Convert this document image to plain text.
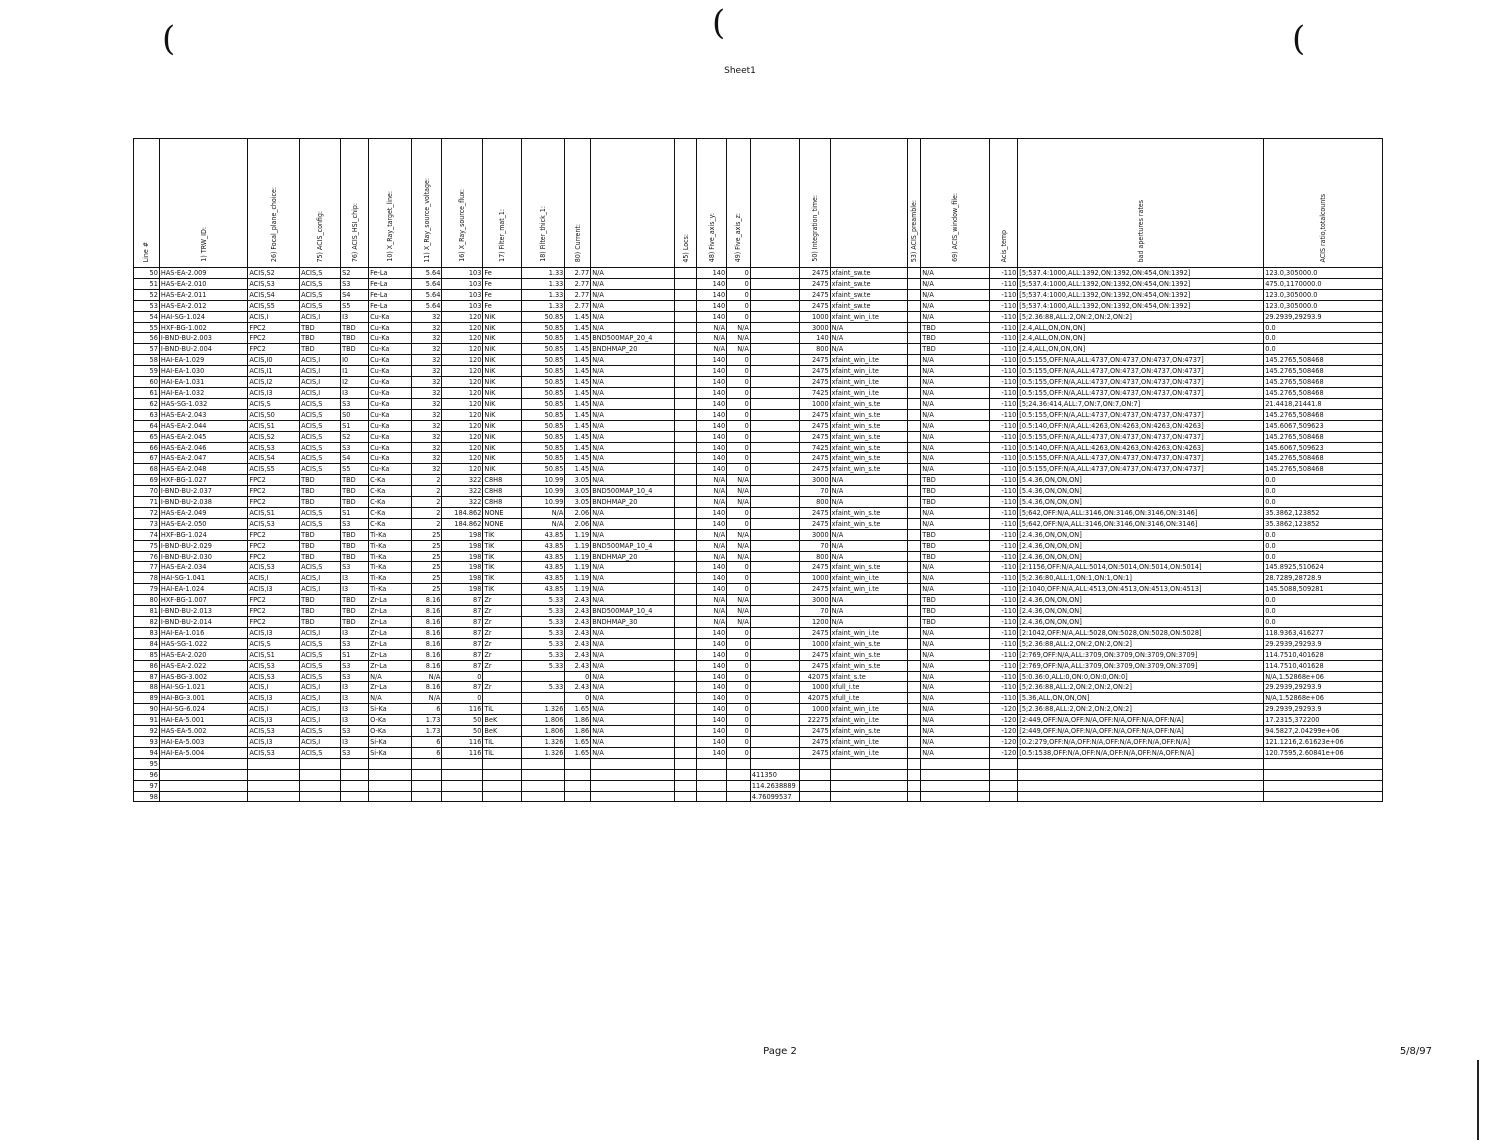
(	(	(
Sheet1
Line #	1) TRW_ID:	26) Focal_plane_choice:	75) ACIS_config:	76) ACIS_HSI_chip:	10) X_Ray_target_line:	11) X_Ray_source_voltage:	16) X_Ray_source_flux:	17) Filter_mat_1:	18) Filter_thick_1:	80) Current:		45) Locs:	48) Five_axis_y:	49) Five_axis_z:		50) Integration_time:		53) ACIS_preamble:	69) ACIS_window_file:	Acis_temp	bad apertures rates	ACIS ratio,totalcounts
50	HAS-EA-2.009	ACIS,S2	ACIS,S	S2	Fe-La	5.64	103	Fe	1.33	2.77	N/A		140	0		2475	xfaint_sw.te		N/A	-110	[5;537.4:1000,ALL:1392,ON:1392,ON:454,ON:1392]	123.0,305000.0
51	HAS-EA-2.010	ACIS,S3	ACIS,S	S3	Fe-La	5.64	103	Fe	1.33	2.77	N/A		140	0		2475	xfaint_sw.te		N/A	-110	[5;537.4:1000,ALL:1392,ON:1392,ON:454,ON:1392]	475.0,1170000.0
52	HAS-EA-2.011	ACIS,S4	ACIS,S	S4	Fe-La	5.64	103	Fe	1.33	2.77	N/A		140	0		2475	xfaint_sw.te		N/A	-110	[5;537.4:1000,ALL:1392,ON:1392,ON:454,ON:1392]	123.0,305000.0
53	HAS-EA-2.012	ACIS,S5	ACIS,S	S5	Fe-La	5.64	103	Fe	1.33	2.77	N/A		140	0		2475	xfaint_sw.te		N/A	-110	[5;537.4:1000,ALL:1392,ON:1392,ON:454,ON:1392]	123.0,305000.0
54	HAI-SG-1.024	ACIS,I	ACIS,I	I3	Cu-Ka	32	120	NiK	50.85	1.45	N/A		140	0		1000	xfaint_win_i.te		N/A	-110	[5;2.36:88,ALL:2,ON:2,ON:2,ON:2]	29.2939,29293.9
55	HXF-BG-1.002	FPC2	TBD	TBD	Cu-Ka	32	120	NiK	50.85	1.45	N/A		N/A	N/A		3000	N/A		TBD	-110	[2.4,ALL,ON,ON,ON]	0.0
56	I-BND-BU-2.003	FPC2	TBD	TBD	Cu-Ka	32	120	NiK	50.85	1.45	BND500MAP_20_4		N/A	N/A		140	N/A		TBD	-110	[2.4,ALL,ON,ON,ON]	0.0
57	I-BND-BU-2.004	FPC2	TBD	TBD	Cu-Ka	32	120	NiK	50.85	1.45	BNDHMAP_20		N/A	N/A		800	N/A		TBD	-110	[2.4,ALL,ON,ON,ON]	0.0
58	HAI-EA-1.029	ACIS,I0	ACIS,I	I0	Cu-Ka	32	120	NiK	50.85	1.45	N/A		140	0		2475	xfaint_win_i.te		N/A	-110	[0.5:155,OFF:N/A,ALL:4737,ON:4737,ON:4737,ON:4737]	145.2765,508468
59	HAI-EA-1.030	ACIS,I1	ACIS,I	I1	Cu-Ka	32	120	NiK	50.85	1.45	N/A		140	0		2475	xfaint_win_i.te		N/A	-110	[0.5:155,OFF:N/A,ALL:4737,ON:4737,ON:4737,ON:4737]	145.2765,508468
60	HAI-EA-1.031	ACIS,I2	ACIS,I	I2	Cu-Ka	32	120	NiK	50.85	1.45	N/A		140	0		2475	xfaint_win_i.te		N/A	-110	[0.5:155,OFF:N/A,ALL:4737,ON:4737,ON:4737,ON:4737]	145.2765,508468
61	HAI-EA-1.032	ACIS,I3	ACIS,I	I3	Cu-Ka	32	120	NiK	50.85	1.45	N/A		140	0		7425	xfaint_win_i.te		N/A	-110	[0.5:155,OFF:N/A,ALL:4737,ON:4737,ON:4737,ON:4737]	145.2765,508468
62	HAS-SG-1.032	ACIS,S	ACIS,S	S3	Cu-Ka	32	120	NiK	50.85	1.45	N/A		140	0		1000	xfaint_win_s.te		N/A	-110	[5;24.36:414,ALL:7,ON:7,ON:7,ON:7]	21.4418,21441.8
63	HAS-EA-2.043	ACIS,S0	ACIS,S	S0	Cu-Ka	32	120	NiK	50.85	1.45	N/A		140	0		2475	xfaint_win_s.te		N/A	-110	[0.5:155,OFF:N/A,ALL:4737,ON:4737,ON:4737,ON:4737]	145.2765,508468
64	HAS-EA-2.044	ACIS,S1	ACIS,S	S1	Cu-Ka	32	120	NiK	50.85	1.45	N/A		140	0		2475	xfaint_win_s.te		N/A	-110	[0.5:140,OFF:N/A,ALL:4263,ON:4263,ON:4263,ON:4263]	145.6067,509623
65	HAS-EA-2.045	ACIS,S2	ACIS,S	S2	Cu-Ka	32	120	NiK	50.85	1.45	N/A		140	0		2475	xfaint_win_s.te		N/A	-110	[0.5:155,OFF:N/A,ALL:4737,ON:4737,ON:4737,ON:4737]	145.2765,508468
66	HAS-EA-2.046	ACIS,S3	ACIS,S	S3	Cu-Ka	32	120	NiK	50.85	1.45	N/A		140	0		7425	xfaint_win_s.te		N/A	-110	[0.5:140,OFF:N/A,ALL:4263,ON:4263,ON:4263,ON:4263]	145.6067,509623
67	HAS-EA-2.047	ACIS,S4	ACIS,S	S4	Cu-Ka	32	120	NiK	50.85	1.45	N/A		140	0		2475	xfaint_win_s.te		N/A	-110	[0.5:155,OFF:N/A,ALL:4737,ON:4737,ON:4737,ON:4737]	145.2765,508468
68	HAS-EA-2.048	ACIS,S5	ACIS,S	S5	Cu-Ka	32	120	NiK	50.85	1.45	N/A		140	0		2475	xfaint_win_s.te		N/A	-110	[0.5:155,OFF:N/A,ALL:4737,ON:4737,ON:4737,ON:4737]	145.2765,508468
69	HXF-BG-1.027	FPC2	TBD	TBD	C-Ka	2	322	C8H8	10.99	3.05	N/A		N/A	N/A		3000	N/A		TBD	-110	[5.4.36,ON,ON,ON]	0.0
70	I-BND-BU-2.037	FPC2	TBD	TBD	C-Ka	2	322	C8H8	10.99	3.05	BND500MAP_10_4		N/A	N/A		70	N/A		TBD	-110	[5.4.36,ON,ON,ON]	0.0
71	I-BND-BU-2.038	FPC2	TBD	TBD	C-Ka	2	322	C8H8	10.99	3.05	BNDHMAP_20		N/A	N/A		800	N/A		TBD	-110	[5.4.36,ON,ON,ON]	0.0
72	HAS-EA-2.049	ACIS,S1	ACIS,S	S1	C-Ka	2	184.862	NONE	N/A	2.06	N/A		140	0		2475	xfaint_win_s.te		N/A	-110	[5;642,OFF:N/A,ALL:3146,ON:3146,ON:3146,ON:3146]	35.3862,123852
73	HAS-EA-2.050	ACIS,S3	ACIS,S	S3	C-Ka	2	184.862	NONE	N/A	2.06	N/A		140	0		2475	xfaint_win_s.te		N/A	-110	[5;642,OFF:N/A,ALL:3146,ON:3146,ON:3146,ON:3146]	35.3862,123852
74	HXF-BG-1.024	FPC2	TBD	TBD	Ti-Ka	25	198	TiK	43.85	1.19	N/A		N/A	N/A		3000	N/A		TBD	-110	[2.4.36,ON,ON,ON]	0.0
75	I-BND-BU-2.029	FPC2	TBD	TBD	Ti-Ka	25	198	TiK	43.85	1.19	BND500MAP_10_4		N/A	N/A		70	N/A		TBD	-110	[2.4.36,ON,ON,ON]	0.0
76	I-BND-BU-2.030	FPC2	TBD	TBD	Ti-Ka	25	198	TiK	43.85	1.19	BNDHMAP_20		N/A	N/A		800	N/A		TBD	-110	[2.4.36,ON,ON,ON]	0.0
77	HAS-EA-2.034	ACIS,S3	ACIS,S	S3	Ti-Ka	25	198	TiK	43.85	1.19	N/A		140	0		2475	xfaint_win_s.te		N/A	-110	[2:1156,OFF:N/A,ALL:5014,ON:5014,ON:5014,ON:5014]	145.8925,510624
78	HAI-SG-1.041	ACIS,I	ACIS,I	I3	Ti-Ka	25	198	TiK	43.85	1.19	N/A		140	0		1000	xfaint_win_i.te		N/A	-110	[5;2.36:80,ALL:1,ON:1,ON:1,ON:1]	28.7289,28728.9
79	HAI-EA-1.024	ACIS,I3	ACIS,I	I3	Ti-Ka	25	198	TiK	43.85	1.19	N/A		140	0		2475	xfaint_win_i.te		N/A	-110	[2:1040,OFF:N/A,ALL:4513,ON:4513,ON:4513,ON:4513]	145.5088,509281
80	HXF-BG-1.007	FPC2	TBD	TBD	Zr-La	8.16	87	Zr	5.33	2.43	N/A		N/A	N/A		3000	N/A		TBD	-110	[2.4.36,ON,ON,ON]	0.0
81	I-BND-BU-2.013	FPC2	TBD	TBD	Zr-La	8.16	87	Zr	5.33	2.43	BND500MAP_10_4		N/A	N/A		70	N/A		TBD	-110	[2.4.36,ON,ON,ON]	0.0
82	I-BND-BU-2.014	FPC2	TBD	TBD	Zr-La	8.16	87	Zr	5.33	2.43	BNDHMAP_30		N/A	N/A		1200	N/A		TBD	-110	[2.4.36,ON,ON,ON]	0.0
83	HAI-EA-1.016	ACIS,I3	ACIS,I	I3	Zr-La	8.16	87	Zr	5.33	2.43	N/A		140	0		2475	xfaint_win_i.te		N/A	-110	[2:1042,OFF:N/A,ALL:5028,ON:5028,ON:5028,ON:5028]	118.9363,416277
84	HAS-SG-1.022	ACIS,S	ACIS,S	S3	Zr-La	8.16	87	Zr	5.33	2.43	N/A		140	0		1000	xfaint_win_s.te		N/A	-110	[5;2.36:88,ALL:2,ON:2,ON:2,ON:2]	29.2939,29293.9
85	HAS-EA-2.020	ACIS,S1	ACIS,S	S1	Zr-La	8.16	87	Zr	5.33	2.43	N/A		140	0		2475	xfaint_win_s.te		N/A	-110	[2:769,OFF:N/A,ALL:3709,ON:3709,ON:3709,ON:3709]	114.7510,401628
86	HAS-EA-2.022	ACIS,S3	ACIS,S	S3	Zr-La	8.16	87	Zr	5.33	2.43	N/A		140	0		2475	xfaint_win_s.te		N/A	-110	[2:769,OFF:N/A,ALL:3709,ON:3709,ON:3709,ON:3709]	114.7510,401628
87	HAS-BG-3.002	ACIS,S3	ACIS,S	S3	N/A	N/A	0			0	N/A		140	0		42075	xfaint_s.te		N/A	-110	[5:0.36:0,ALL:0,ON:0,ON:0,ON:0]	N/A,1.52868e+06
88	HAI-SG-1.021	ACIS,I	ACIS,I	I3	Zr-La	8.16	87	Zr	5.33	2.43	N/A		140	0		1000	xfull_i.te		N/A	-110	[5;2.36:88,ALL:2,ON:2,ON:2,ON:2]	29.2939,29293.9
89	HAI-BG-3.001	ACIS,I3	ACIS,I	I3	N/A	N/A	0			0	N/A		140	0		42075	xfull_i.te		N/A	-110	[5.36,ALL,ON,ON,ON]	N/A,1.52868e+06
90	HAI-SG-6.024	ACIS,I	ACIS,I	I3	Si-Ka	6	116	TiL	1.326	1.65	N/A		140	0		1000	xfaint_win_i.te		N/A	-120	[5;2.36:88,ALL:2,ON:2,ON:2,ON:2]	29.2939,29293.9
91	HAI-EA-5.001	ACIS,I3	ACIS,I	I3	O-Ka	1.73	50	BeK	1.806	1.86	N/A		140	0		22275	xfaint_win_i.te		N/A	-120	[2:449,OFF:N/A,OFF:N/A,OFF:N/A,OFF:N/A,OFF:N/A]	17.2315,372200
92	HAS-EA-5.002	ACIS,S3	ACIS,S	S3	O-Ka	1.73	50	BeK	1.806	1.86	N/A		140	0		2475	xfaint_win_s.te		N/A	-120	[2:449,OFF:N/A,OFF:N/A,OFF:N/A,OFF:N/A,OFF:N/A]	94.5827,2.04299e+06
93	HAI-EA-5.003	ACIS,I3	ACIS,I	I3	Si-Ka	6	116	TiL	1.326	1.65	N/A		140	0		2475	xfaint_win_i.te		N/A	-120	[0.2:279,OFF:N/A,OFF:N/A,OFF:N/A,OFF:N/A,OFF:N/A]	121.1216,2.61623e+06
94	HAI-EA-5.004	ACIS,S3	ACIS,S	S3	Si-Ka	6	116	TiL	1.326	1.65	N/A		140	0		2475	xfaint_win_i.te		N/A	-120	[0.5:1538,OFF:N/A,OFF:N/A,OFF:N/A,OFF:N/A,OFF:N/A]	120.7595,2.60841e+06
95																						
96															411350							
97															114.2638889							
98															4.76099537							
Page 2	5/8/97
